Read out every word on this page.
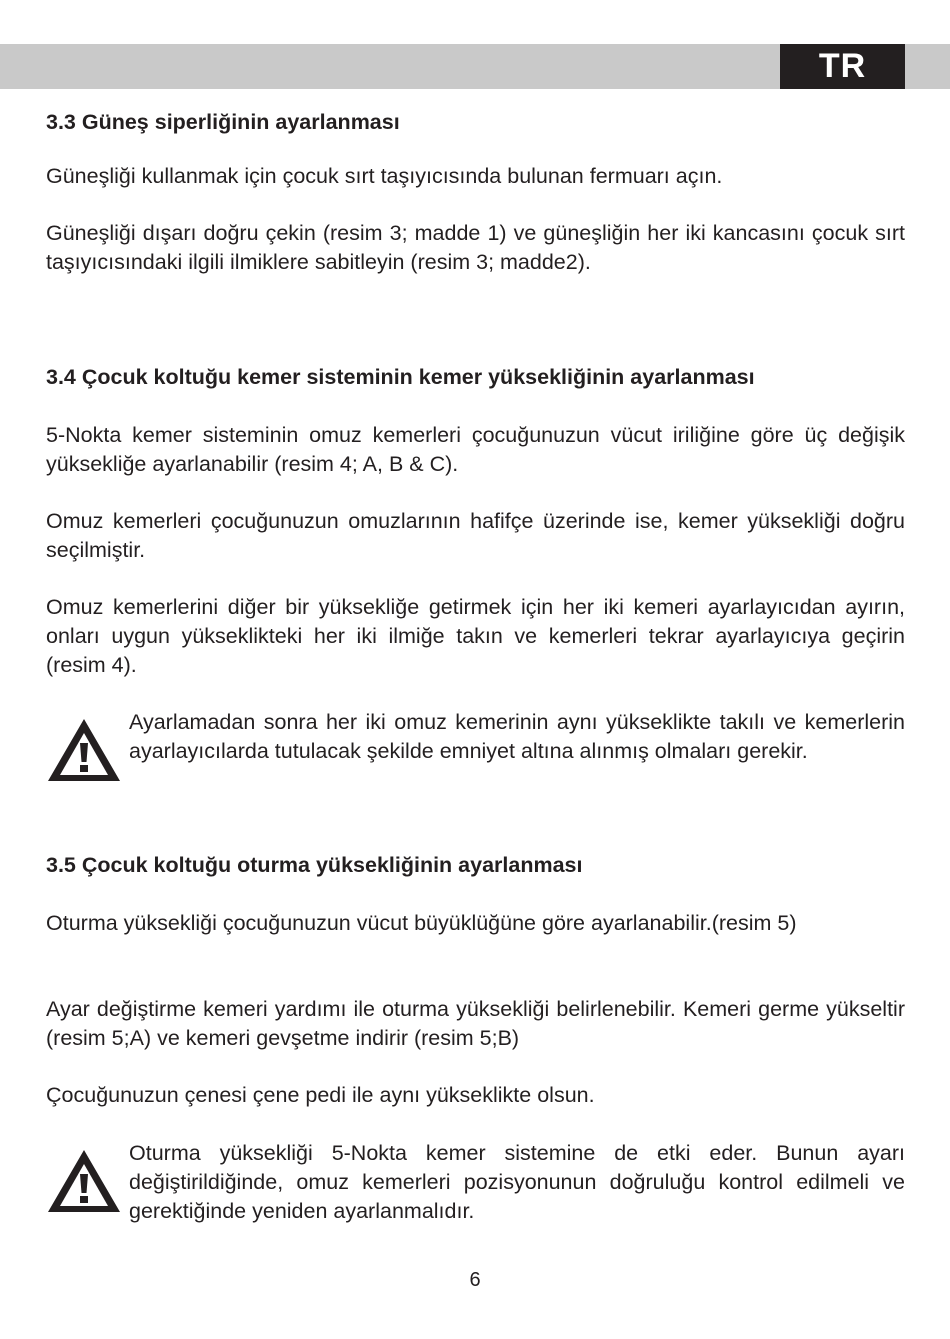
TR
3.3 Güneş siperliğinin ayarlanması

Güneşliği kullanmak için çocuk sırt taşıyıcısında bulunan fermuarı açın.

Güneşliği dışarı doğru çekin (resim 3; madde 1) ve güneşliğin her iki kancasını çocuk sırt taşıyıcısındaki ilgili ilmiklere sabitleyin (resim 3; madde2).

3.4 Çocuk koltuğu kemer sisteminin kemer yüksekliğinin ayarlanması

5-Nokta kemer sisteminin omuz kemerleri çocuğunuzun vücut iriliğine göre üç değişik yüksekliğe ayarlanabilir (resim 4; A, B & C).

Omuz kemerleri çocuğunuzun omuzlarının hafifçe üzerinde ise, kemer yüksekliği doğru seçilmiştir.

Omuz kemerlerini diğer bir yüksekliğe getirmek için her iki kemeri ayarlayıcıdan ayırın, onları uygun yükseklikteki her iki ilmiğe takın ve kemerleri tekrar ayarlayıcıya geçirin (resim 4).

Ayarlamadan sonra her iki omuz kemerinin aynı yükseklikte takılı ve kemerlerin ayarlayıcılarda tutulacak şekilde emniyet altına alınmış olmaları gerekir.

3.5 Çocuk koltuğu oturma yüksekliğinin ayarlanması

Oturma yüksekliği çocuğunuzun vücut büyüklüğüne göre ayarlanabilir.(resim 5)

Ayar değiştirme kemeri yardımı ile oturma yüksekliği belirlenebilir. Kemeri germe yükseltir (resim 5;A) ve kemeri gevşetme indirir (resim 5;B)

Çocuğunuzun çenesi çene pedi ile aynı yükseklikte olsun.

Oturma yüksekliği 5-Nokta kemer sistemine de etki eder. Bunun ayarı değiştirildiğinde, omuz kemerleri pozisyonunun doğruluğu kontrol edilmeli ve gerektiğinde yeniden ayarlanmalıdır.

6
